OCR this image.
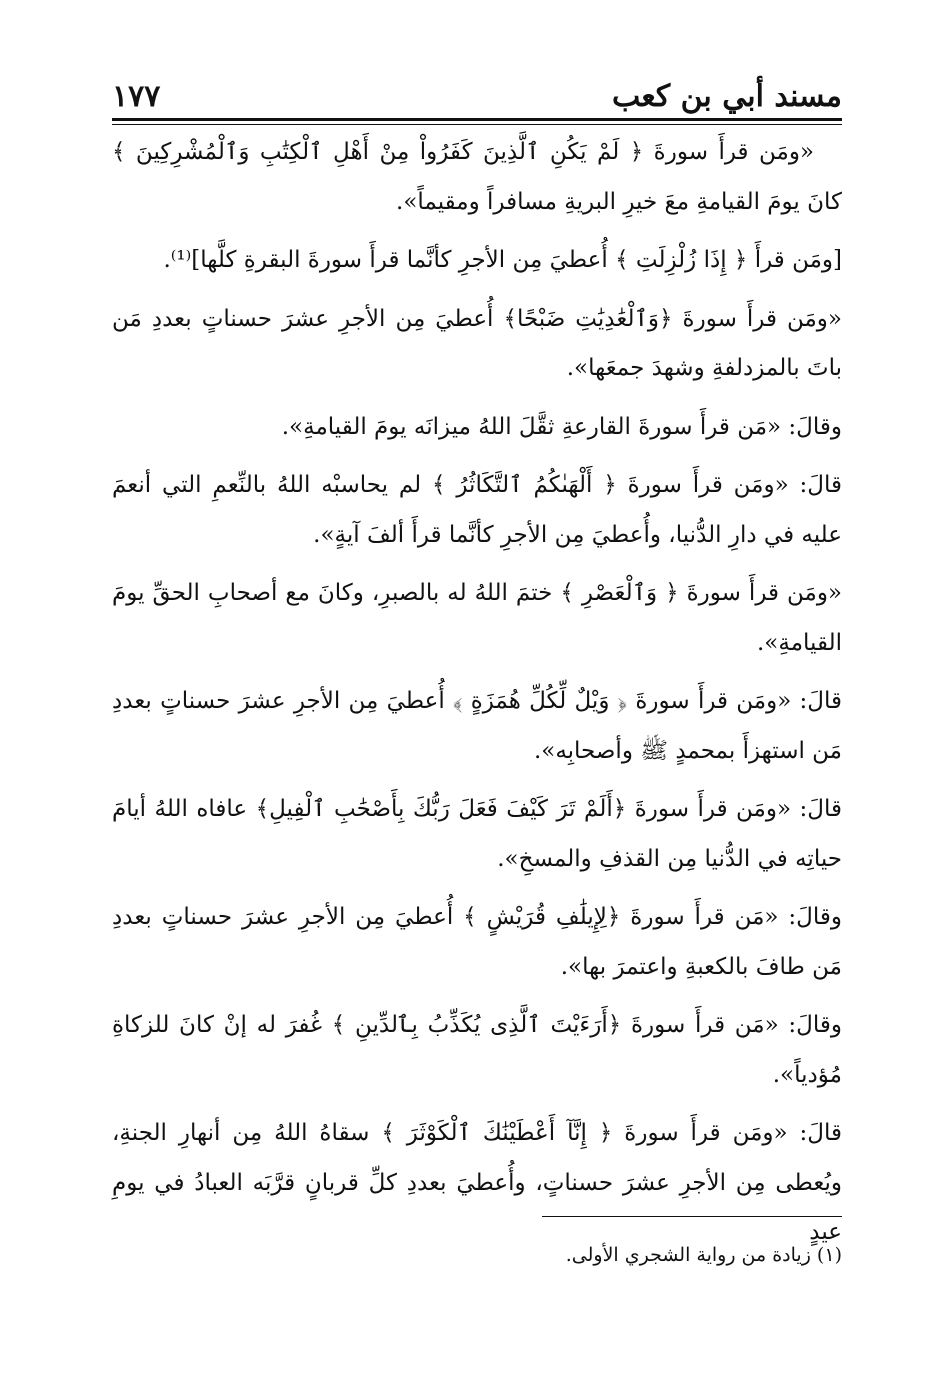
مسند أبي بن كعب
١٧٧

«ومَن قرأَ سورةَ ﴿ لَمْ يَكُنِ ٱلَّذِينَ كَفَرُواْ مِنْ أَهْلِ ٱلْكِتَٰبِ وَٱلْمُشْرِكِينَ ﴾ كانَ يومَ القيامةِ معَ خيرِ البريةِ مسافراً ومقيماً».

[ومَن قرأَ ﴿ إِذَا زُلْزِلَتِ ﴾ أُعطيَ مِن الأجرِ كأنَّما قرأَ سورةَ البقرةِ كلَّها]⁽¹⁾.

«ومَن قرأَ سورةَ ﴿وَٱلْعَٰدِيَٰتِ ضَبْحًا﴾ أُعطيَ مِن الأجرِ عشرَ حسناتٍ بعددِ مَن باتَ بالمزدلفةِ وشهدَ جمعَها».

وقالَ: «مَن قرأَ سورةَ القارعةِ ثقَّلَ اللهُ ميزانَه يومَ القيامةِ».

قالَ: «ومَن قرأَ سورةَ ﴿ أَلْهَىٰكُمُ ٱلتَّكَاثُرُ ﴾ لم يحاسبْه اللهُ بالنِّعمِ التي أنعمَ عليه في دارِ الدُّنيا، وأُعطيَ مِن الأجرِ كأنَّما قرأَ ألفَ آيةٍ».

«ومَن قرأَ سورةَ ﴿ وَٱلْعَصْرِ ﴾ ختمَ اللهُ له بالصبرِ، وكانَ مع أصحابِ الحقِّ يومَ القيامةِ».

قالَ: «ومَن قرأَ سورةَ ﴿ وَيْلٌ لِّكُلِّ هُمَزَةٍ ﴾ أُعطيَ مِن الأجرِ عشرَ حسناتٍ بعددِ مَن استهزأَ بمحمدٍ ﷺ وأصحابِه».

قالَ: «ومَن قرأَ سورةَ ﴿أَلَمْ تَرَ كَيْفَ فَعَلَ رَبُّكَ بِأَصْحَٰبِ ٱلْفِيلِ﴾ عافاه اللهُ أيامَ حياتِه في الدُّنيا مِن القذفِ والمسخِ».

وقالَ: «مَن قرأَ سورةَ ﴿لِإِيلَٰفِ قُرَيْشٍ ﴾ أُعطيَ مِن الأجرِ عشرَ حسناتٍ بعددِ مَن طافَ بالكعبةِ واعتمرَ بها».

وقالَ: «مَن قرأَ سورةَ ﴿أَرَءَيْتَ ٱلَّذِى يُكَذِّبُ بِٱلدِّينِ ﴾ غُفرَ له إنْ كانَ للزكاةِ مُؤدياً».

قالَ: «ومَن قرأَ سورةَ ﴿ إِنَّآ أَعْطَيْنَٰكَ ٱلْكَوْثَرَ ﴾ سقاهُ اللهُ مِن أنهارِ الجنةِ، ويُعطى مِن الأجرِ عشرَ حسناتٍ، وأُعطيَ بعددِ كلِّ قربانٍ قرَّبَه العبادُ في يومِ عيدٍ

(١) زيادة من رواية الشجري الأولى.
